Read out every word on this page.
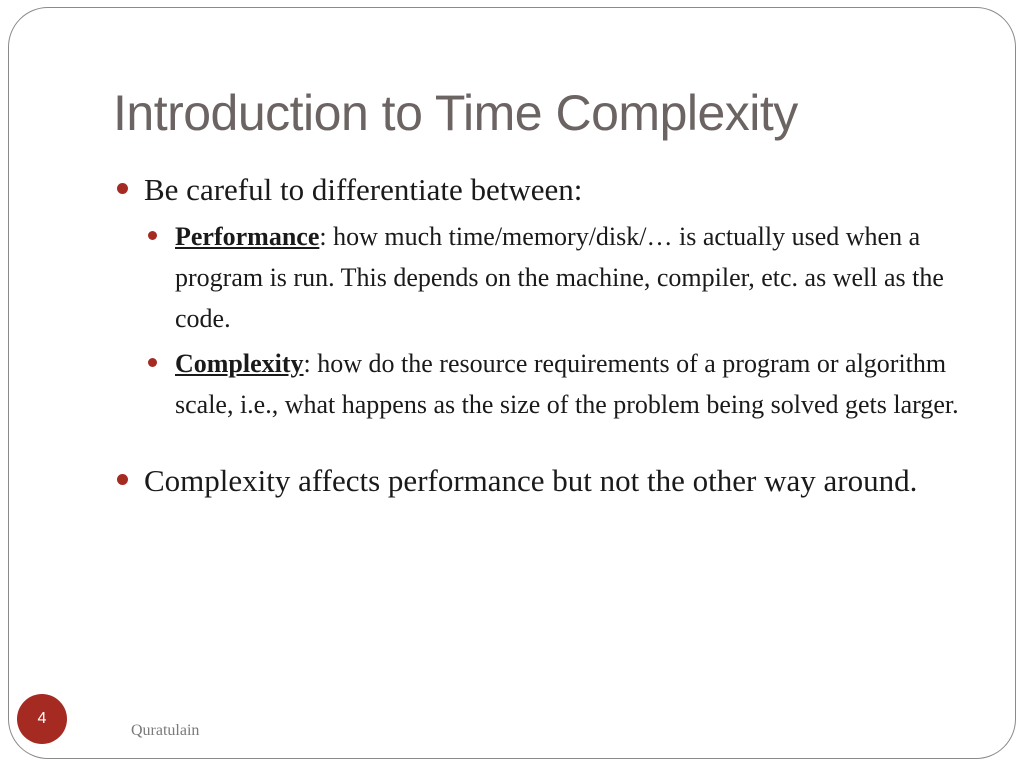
Introduction to Time Complexity
Be careful to differentiate between:
Performance: how much time/memory/disk/… is actually used when a program is run. This depends on the machine, compiler, etc. as well as the code.
Complexity: how do the resource requirements of a program or algorithm scale, i.e., what happens as the size of the problem being solved gets larger.
Complexity affects performance but not the other way around.
4
Quratulain
